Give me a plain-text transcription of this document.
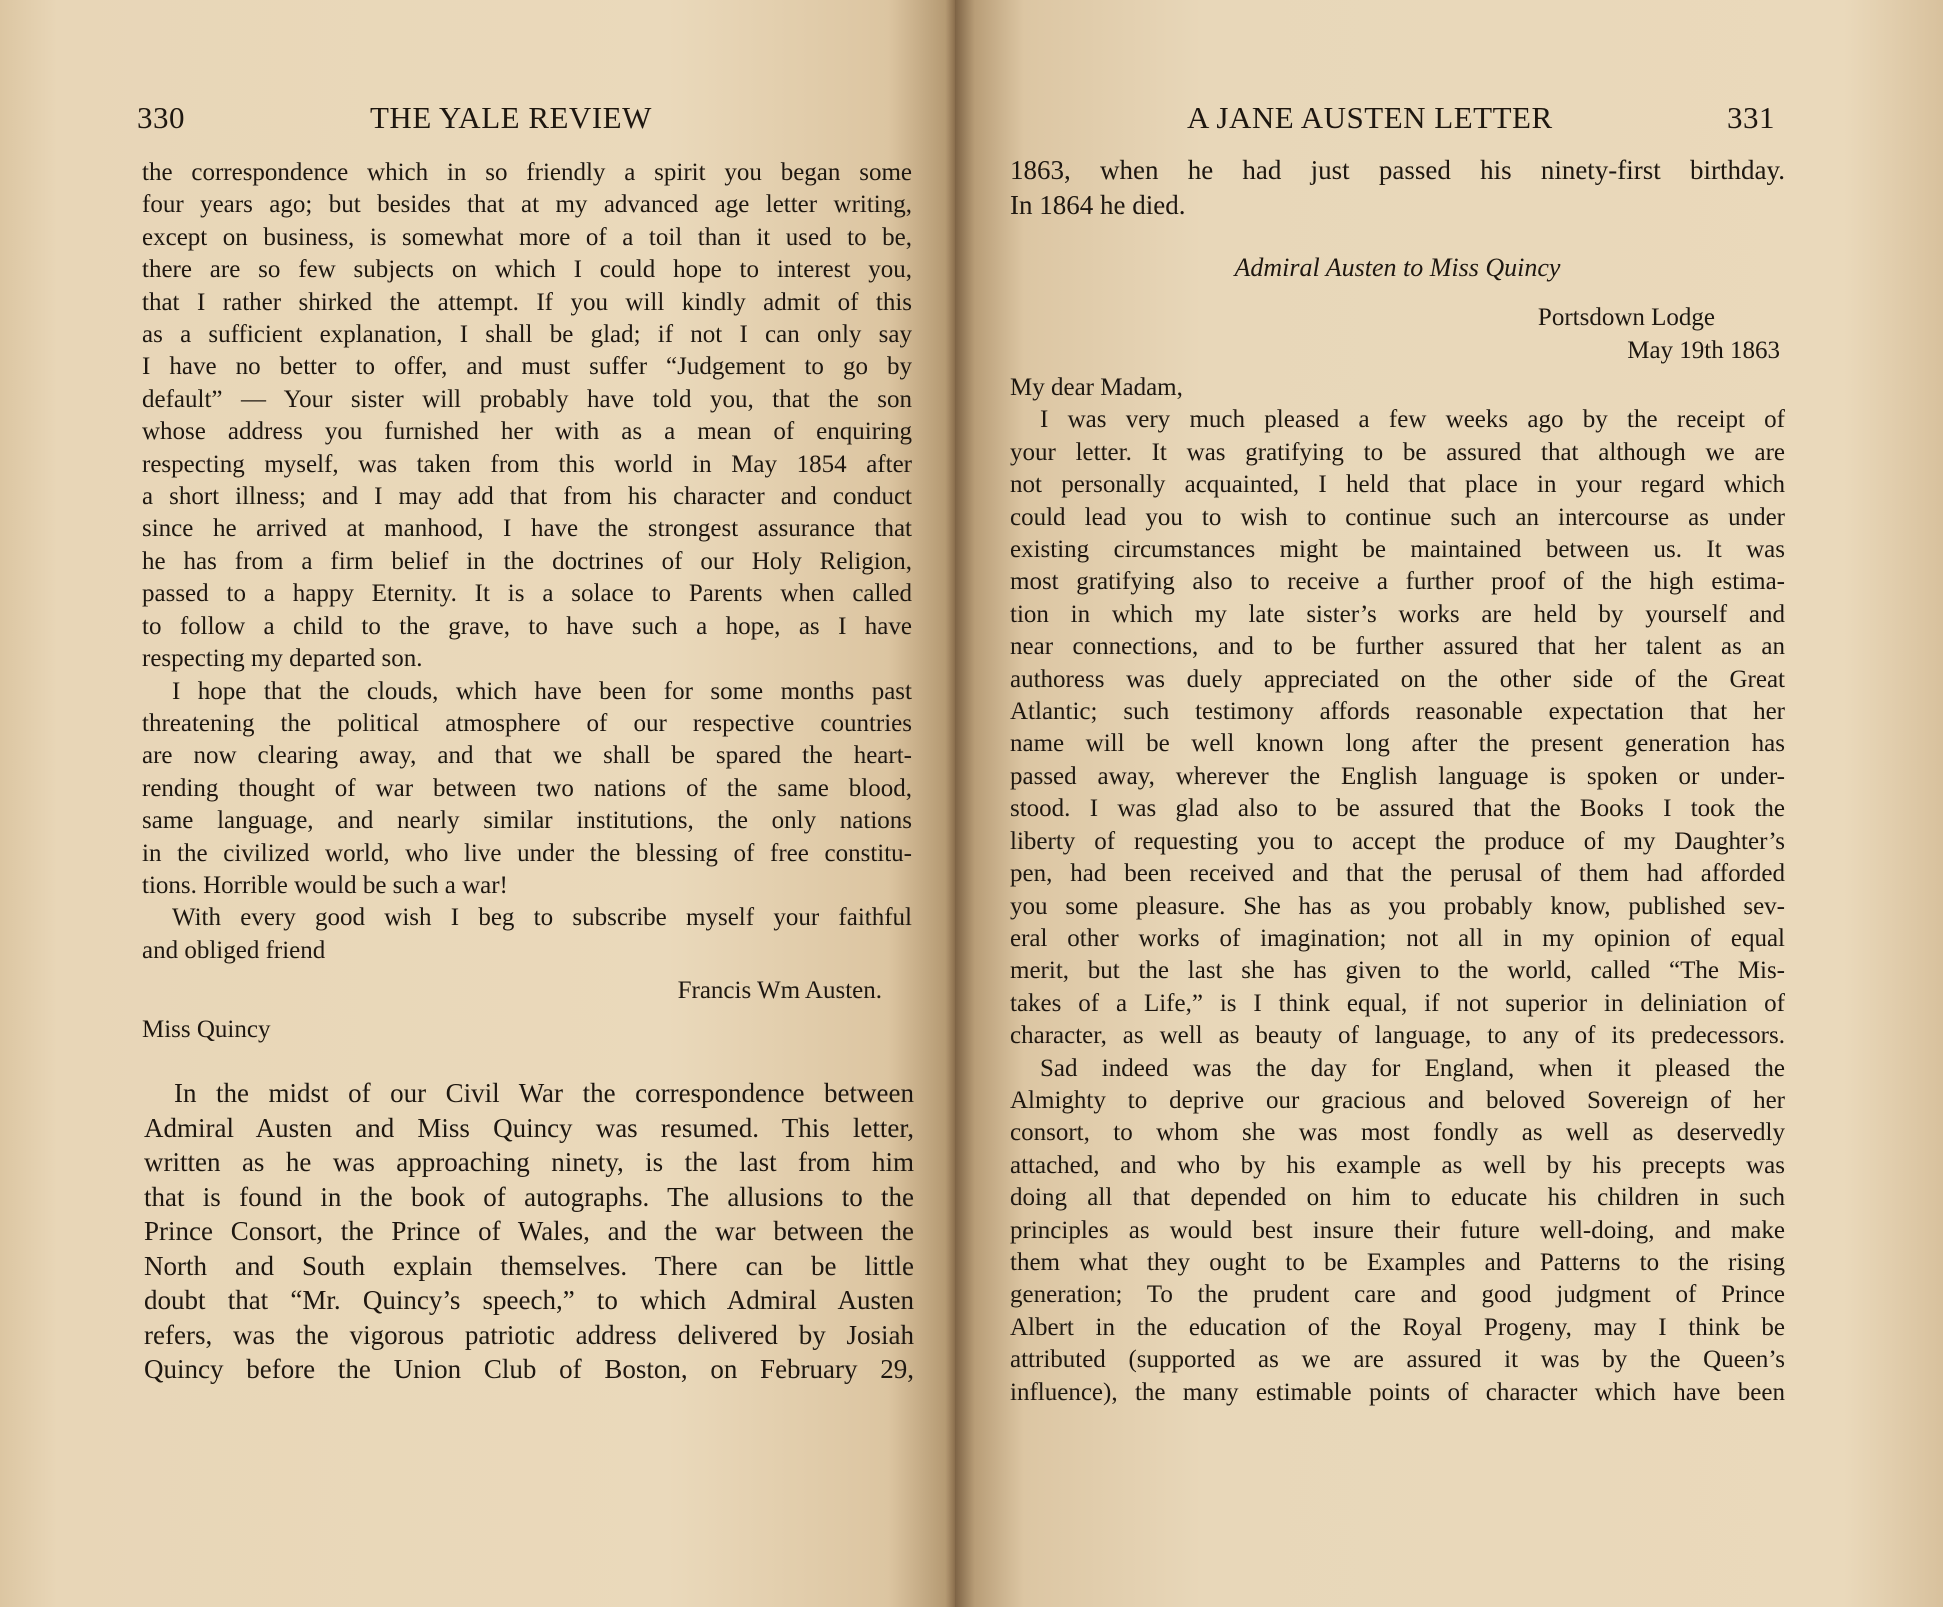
330	THE YALE REVIEW
the correspondence which in so friendly a spirit you began some
four years ago; but besides that at my advanced age letter writing,
except on business, is somewhat more of a toil than it used to be,
there are so few subjects on which I could hope to interest you,
that I rather shirked the attempt. If you will kindly admit of this
as a sufficient explanation, I shall be glad; if not I can only say
I have no better to offer, and must suffer “Judgement to go by
default” — Your sister will probably have told you, that the son
whose address you furnished her with as a mean of enquiring
respecting myself, was taken from this world in May 1854 after
a short illness; and I may add that from his character and conduct
since he arrived at manhood, I have the strongest assurance that
he has from a firm belief in the doctrines of our Holy Religion,
passed to a happy Eternity. It is a solace to Parents when called
to follow a child to the grave, to have such a hope, as I have
respecting my departed son.
I hope that the clouds, which have been for some months past
threatening the political atmosphere of our respective countries
are now clearing away, and that we shall be spared the heart-
rending thought of war between two nations of the same blood,
same language, and nearly similar institutions, the only nations
in the civilized world, who live under the blessing of free constitu-
tions. Horrible would be such a war!
With every good wish I beg to subscribe myself your faithful
and obliged friend
Francis Wm Austen.
Miss Quincy
In the midst of our Civil War the correspondence between
Admiral Austen and Miss Quincy was resumed. This letter,
written as he was approaching ninety, is the last from him
that is found in the book of autographs. The allusions to the
Prince Consort, the Prince of Wales, and the war between the
North and South explain themselves. There can be little
doubt that “Mr. Quincy’s speech,” to which Admiral Austen
refers, was the vigorous patriotic address delivered by Josiah
Quincy before the Union Club of Boston, on February 29,
A JANE AUSTEN LETTER	331
1863, when he had just passed his ninety-first birthday.
In 1864 he died.
Admiral Austen to Miss Quincy
Portsdown Lodge
May 19th 1863
My dear Madam,
I was very much pleased a few weeks ago by the receipt of
your letter. It was gratifying to be assured that although we are
not personally acquainted, I held that place in your regard which
could lead you to wish to continue such an intercourse as under
existing circumstances might be maintained between us. It was
most gratifying also to receive a further proof of the high estima-
tion in which my late sister’s works are held by yourself and
near connections, and to be further assured that her talent as an
authoress was duely appreciated on the other side of the Great
Atlantic; such testimony affords reasonable expectation that her
name will be well known long after the present generation has
passed away, wherever the English language is spoken or under-
stood. I was glad also to be assured that the Books I took the
liberty of requesting you to accept the produce of my Daughter’s
pen, had been received and that the perusal of them had afforded
you some pleasure. She has as you probably know, published sev-
eral other works of imagination; not all in my opinion of equal
merit, but the last she has given to the world, called “The Mis-
takes of a Life,” is I think equal, if not superior in deliniation of
character, as well as beauty of language, to any of its predecessors.
Sad indeed was the day for England, when it pleased the
Almighty to deprive our gracious and beloved Sovereign of her
consort, to whom she was most fondly as well as deservedly
attached, and who by his example as well by his precepts was
doing all that depended on him to educate his children in such
principles as would best insure their future well-doing, and make
them what they ought to be Examples and Patterns to the rising
generation; To the prudent care and good judgment of Prince
Albert in the education of the Royal Progeny, may I think be
attributed (supported as we are assured it was by the Queen’s
influence), the many estimable points of character which have been
